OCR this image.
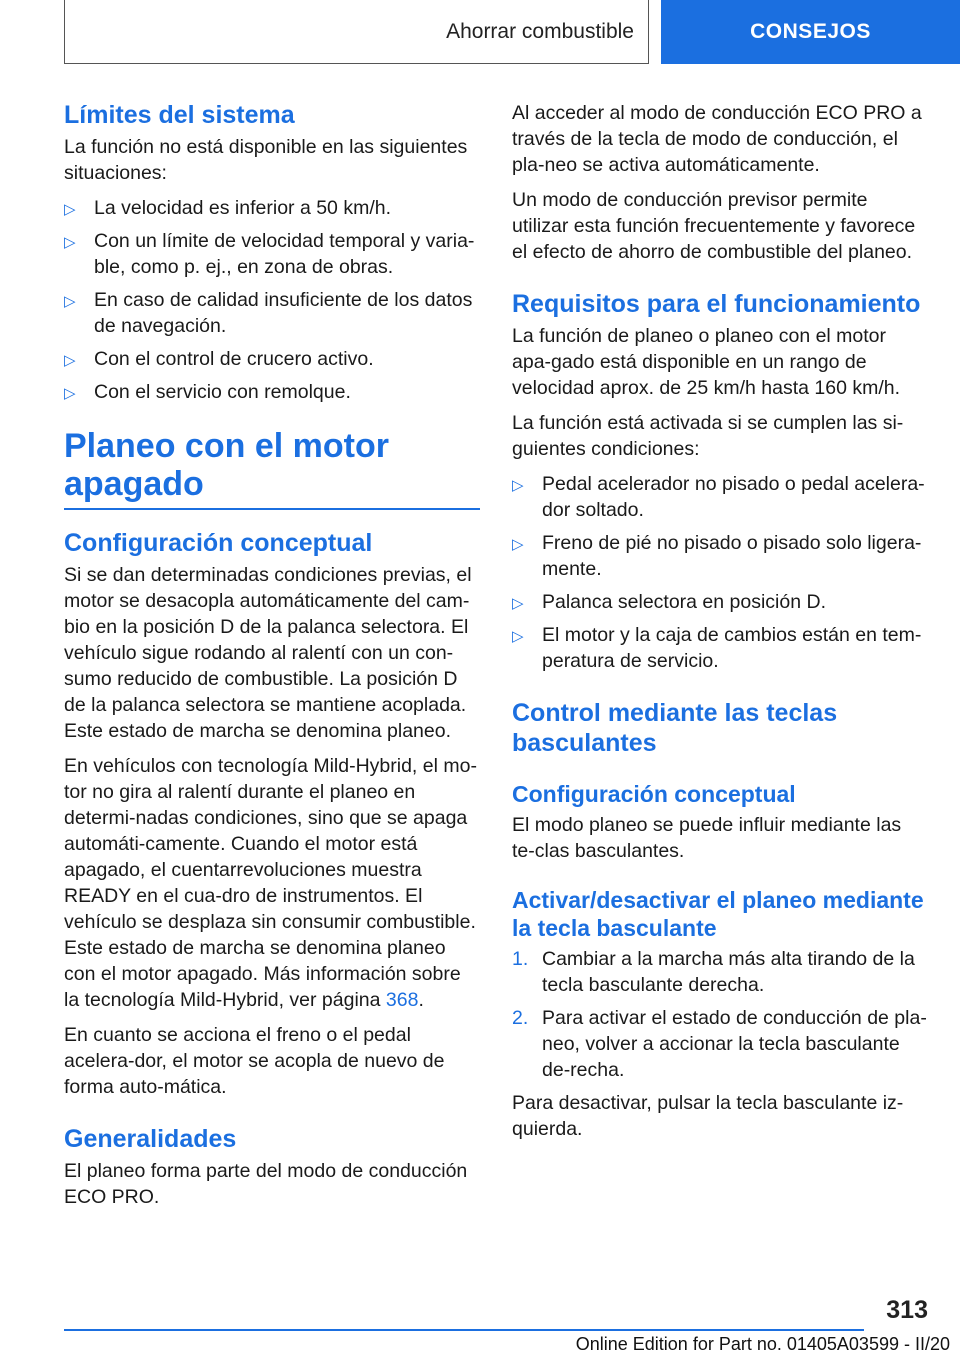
Ahorrar combustible	CONSEJOS
Límites del sistema

La función no está disponible en las siguientes situaciones:

▷ La velocidad es inferior a 50 km/h.
▷ Con un límite de velocidad temporal y varia‐ble, como p. ej., en zona de obras.
▷ En caso de calidad insuficiente de los datos de navegación.
▷ Con el control de crucero activo.
▷ Con el servicio con remolque.
Planeo con el motor apagado
Configuración conceptual

Si se dan determinadas condiciones previas, el motor se desacopla automáticamente del cam‐bio en la posición D de la palanca selectora. El vehículo sigue rodando al ralentí con un con‐sumo reducido de combustible. La posición D de la palanca selectora se mantiene acoplada. Este estado de marcha se denomina planeo.

En vehículos con tecnología Mild-Hybrid, el mo‐tor no gira al ralentí durante el planeo en determi‐nadas condiciones, sino que se apaga automáti‐camente. Cuando el motor está apagado, el cuentarrevoluciones muestra READY en el cua‐dro de instrumentos. El vehículo se desplaza sin consumir combustible. Este estado de marcha se denomina planeo con el motor apagado. Más información sobre la tecnología Mild-Hybrid, ver página 368.

En cuanto se acciona el freno o el pedal acelera‐dor, el motor se acopla de nuevo de forma auto‐mática.

Generalidades

El planeo forma parte del modo de conducción ECO PRO.

Al acceder al modo de conducción ECO PRO a través de la tecla de modo de conducción, el pla‐neo se activa automáticamente.

Un modo de conducción previsor permite utilizar esta función frecuentemente y favorece el efecto de ahorro de combustible del planeo.

Requisitos para el funcionamiento

La función de planeo o planeo con el motor apa‐gado está disponible en un rango de velocidad aprox. de 25 km/h hasta 160 km/h.

La función está activada si se cumplen las si‐guientes condiciones:

▷ Pedal acelerador no pisado o pedal acelera‐dor soltado.
▷ Freno de pié no pisado o pisado solo ligera‐mente.
▷ Palanca selectora en posición D.
▷ El motor y la caja de cambios están en tem‐peratura de servicio.
Control mediante las teclas basculantes
Configuración conceptual

El modo planeo se puede influir mediante las te‐clas basculantes.

Activar/desactivar el planeo mediante la tecla basculante
1. Cambiar a la marcha más alta tirando de la tecla basculante derecha.
2. Para activar el estado de conducción de pla‐neo, volver a accionar la tecla basculante de‐recha.

Para desactivar, pulsar la tecla basculante iz‐quierda.

313
Online Edition for Part no. 01405A03599 - II/20
